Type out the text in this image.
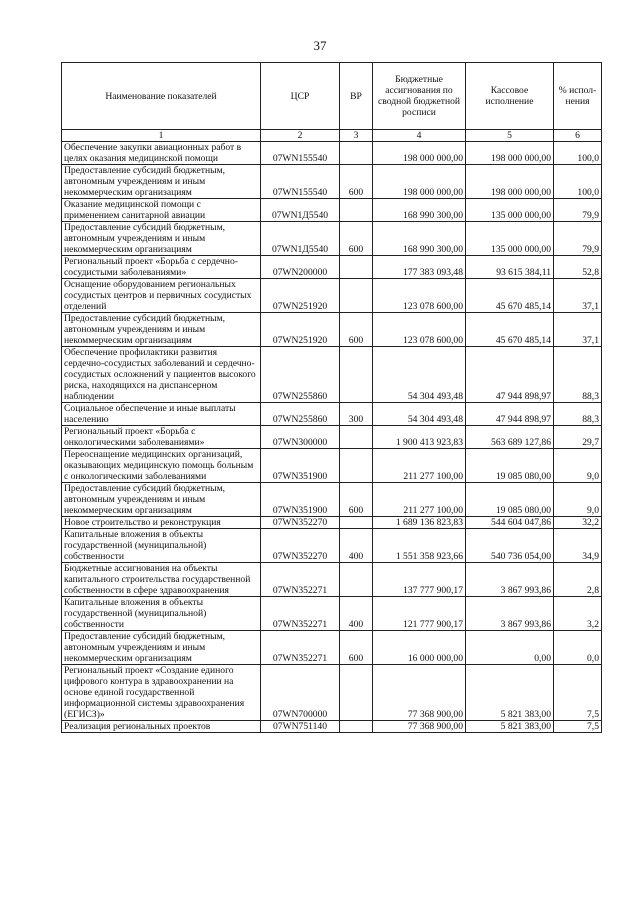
37
Наименование показателей	ЦСР	ВР	Бюджетные ассигнования по сводной бюджетной росписи	Кассовое исполнение	% испол-нения
1	2	3	4	5	6
Обеспечение закупки авиационных работ в целях оказания медицинской помощи	07WN155540		198 000 000,00	198 000 000,00	100,0
Предоставление субсидий бюджетным, автономным учреждениям и иным некоммерческим организациям	07WN155540	600	198 000 000,00	198 000 000,00	100,0
Оказание медицинской помощи с применением санитарной авиации	07WN1Д5540		168 990 300,00	135 000 000,00	79,9
Предоставление субсидий бюджетным, автономным учреждениям и иным некоммерческим организациям	07WN1Д5540	600	168 990 300,00	135 000 000,00	79,9
Региональный проект «Борьба с сердечно-сосудистыми заболеваниями»	07WN200000		177 383 093,48	93 615 384,11	52,8
Оснащение оборудованием региональных сосудистых центров и первичных сосудистых отделений	07WN251920		123 078 600,00	45 670 485,14	37,1
Предоставление субсидий бюджетным, автономным учреждениям и иным некоммерческим организациям	07WN251920	600	123 078 600,00	45 670 485,14	37,1
Обеспечение профилактики развития сердечно-сосудистых заболеваний и сердечно-сосудистых осложнений у пациентов высокого риска, находящихся на диспансерном наблюдении	07WN255860		54 304 493,48	47 944 898,97	88,3
Социальное обеспечение и иные выплаты населению	07WN255860	300	54 304 493,48	47 944 898,97	88,3
Региональный проект «Борьба с онкологическими заболеваниями»	07WN300000		1 900 413 923,83	563 689 127,86	29,7
Переоснащение медицинских организаций, оказывающих медицинскую помощь больным с онкологическими заболеваниями	07WN351900		211 277 100,00	19 085 080,00	9,0
Предоставление субсидий бюджетным, автономным учреждениям и иным некоммерческим организациям	07WN351900	600	211 277 100,00	19 085 080,00	9,0
Новое строительство и реконструкция	07WN352270		1 689 136 823,83	544 604 047,86	32,2
Капитальные вложения в объекты государственной (муниципальной) собственности	07WN352270	400	1 551 358 923,66	540 736 054,00	34,9
Бюджетные ассигнования на объекты капитального строительства государственной собственности в сфере здравоохранения	07WN352271		137 777 900,17	3 867 993,86	2,8
Капитальные вложения в объекты государственной (муниципальной) собственности	07WN352271	400	121 777 900,17	3 867 993,86	3,2
Предоставление субсидий бюджетным, автономным учреждениям и иным некоммерческим организациям	07WN352271	600	16 000 000,00	0,00	0,0
Региональный проект «Создание единого цифрового контура в здравоохранении на основе единой государственной информационной системы здравоохранения (ЕГИСЗ)»	07WN700000		77 368 900,00	5 821 383,00	7,5
Реализация региональных проектов	07WN751140		77 368 900,00	5 821 383,00	7,5
